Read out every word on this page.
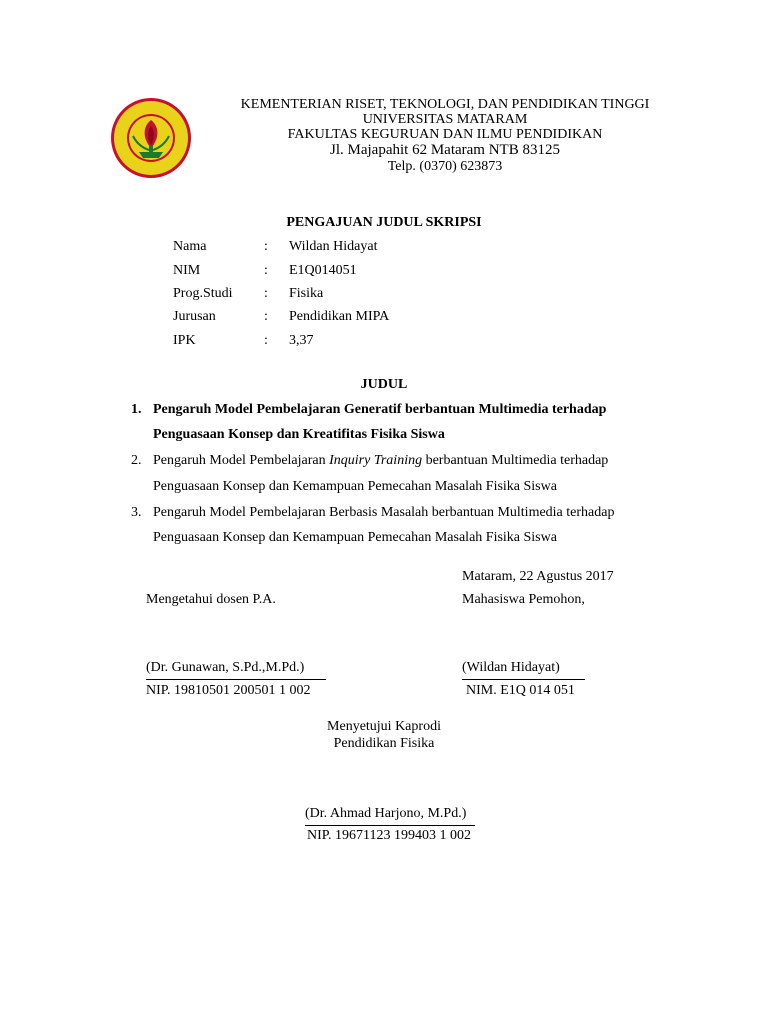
KEMENTERIAN RISET, TEKNOLOGI, DAN PENDIDIKAN TINGGI
UNIVERSITAS MATARAM
FAKULTAS KEGURUAN DAN ILMU PENDIDIKAN
Jl. Majapahit 62 Mataram NTB 83125
Telp. (0370) 623873
PENGAJUAN JUDUL SKRIPSI
Nama	: Wildan Hidayat
NIM	: E1Q014051
Prog.Studi : Fisika
Jurusan	: Pendidikan MIPA
IPK	: 3,37
JUDUL
1. Pengaruh Model Pembelajaran Generatif berbantuan Multimedia terhadap
Penguasaan Konsep dan Kreatifitas Fisika Siswa
2. Pengaruh Model Pembelajaran Inquiry Training berbantuan Multimedia terhadap
Penguasaan Konsep dan Kemampuan Pemecahan Masalah Fisika Siswa
3. Pengaruh Model Pembelajaran Berbasis Masalah berbantuan Multimedia terhadap
Penguasaan Konsep dan Kemampuan Pemecahan Masalah Fisika Siswa
Mataram, 22 Agustus 2017
Mengetahui dosen P.A.	Mahasiswa Pemohon,
(Dr. Gunawan, S.Pd.,M.Pd.)
NIP. 19810501 200501 1 002
(Wildan Hidayat)
NIM. E1Q 014 051
Menyetujui Kaprodi
Pendidikan Fisika
(Dr. Ahmad Harjono, M.Pd.)
NIP. 19671123 199403 1 002
